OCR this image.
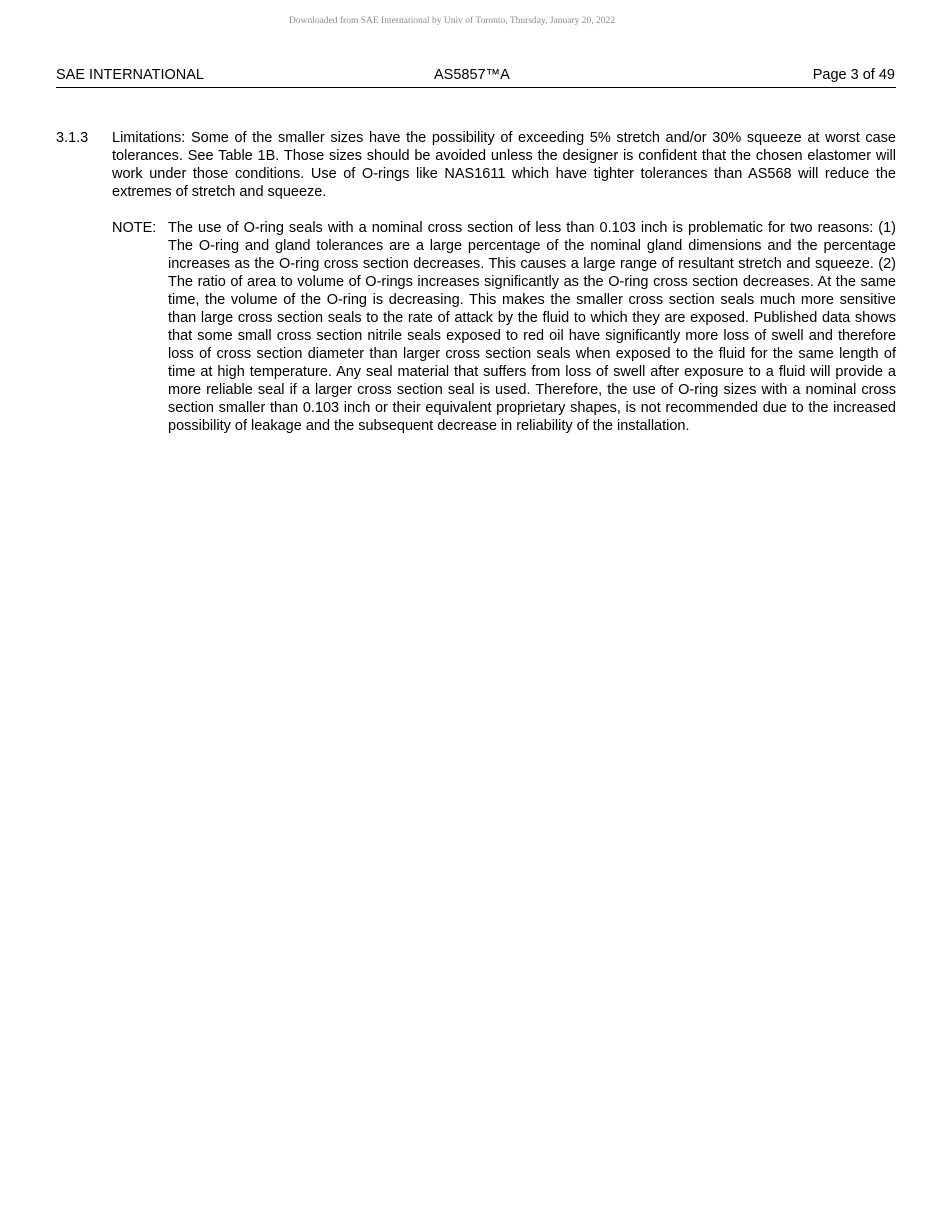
Downloaded from SAE International by Univ of Toronto, Thursday, January 20, 2022
SAE INTERNATIONAL	AS5857™A	Page 3 of 49
3.1.3 Limitations: Some of the smaller sizes have the possibility of exceeding 5% stretch and/or 30% squeeze at worst case tolerances. See Table 1B. Those sizes should be avoided unless the designer is confident that the chosen elastomer will work under those conditions. Use of O-rings like NAS1611 which have tighter tolerances than AS568 will reduce the extremes of stretch and squeeze.
NOTE: The use of O-ring seals with a nominal cross section of less than 0.103 inch is problematic for two reasons: (1) The O-ring and gland tolerances are a large percentage of the nominal gland dimensions and the percentage increases as the O-ring cross section decreases. This causes a large range of resultant stretch and squeeze. (2) The ratio of area to volume of O-rings increases significantly as the O-ring cross section decreases. At the same time, the volume of the O-ring is decreasing. This makes the smaller cross section seals much more sensitive than large cross section seals to the rate of attack by the fluid to which they are exposed. Published data shows that some small cross section nitrile seals exposed to red oil have significantly more loss of swell and therefore loss of cross section diameter than larger cross section seals when exposed to the fluid for the same length of time at high temperature. Any seal material that suffers from loss of swell after exposure to a fluid will provide a more reliable seal if a larger cross section seal is used. Therefore, the use of O-ring sizes with a nominal cross section smaller than 0.103 inch or their equivalent proprietary shapes, is not recommended due to the increased possibility of leakage and the subsequent decrease in reliability of the installation.
